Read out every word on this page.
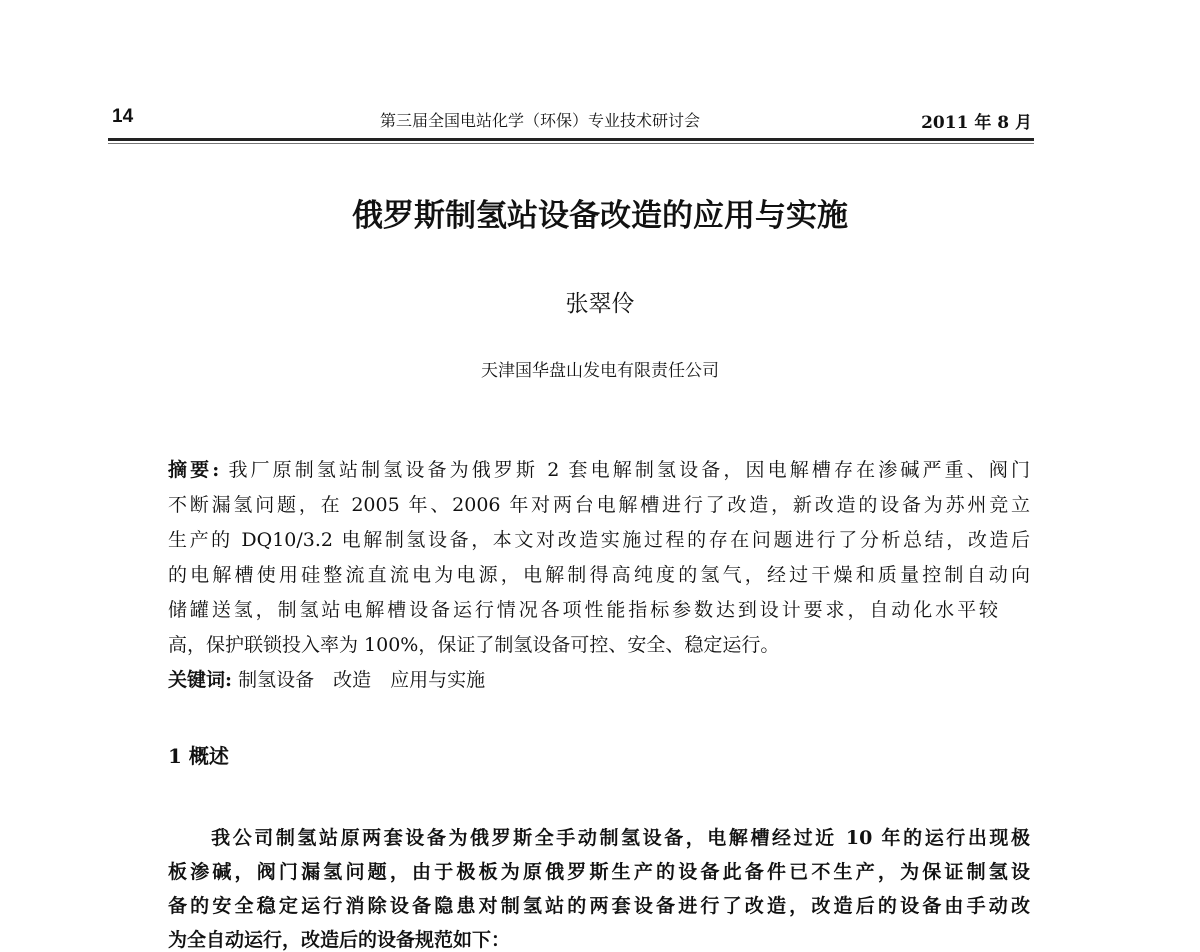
14	第三届全国电站化学（环保）专业技术研讨会	2011 年 8 月
俄罗斯制氢站设备改造的应用与实施
张翠伶
天津国华盘山发电有限责任公司
摘要: 我厂原制氢站制氢设备为俄罗斯 2 套电解制氢设备，因电解槽存在渗碱严重、阀门
不断漏氢问题，在 2005 年、2006 年对两台电解槽进行了改造，新改造的设备为苏州竞立
生产的 DQ10/3.2 电解制氢设备，本文对改造实施过程的存在问题进行了分析总结，改造后
的电解槽使用硅整流直流电为电源，电解制得高纯度的氢气，经过干燥和质量控制自动向
储罐送氢，制氢站电解槽设备运行情况各项性能指标参数达到设计要求，自动化水平较
高，保护联锁投入率为 100%，保证了制氢设备可控、安全、稳定运行。
关键词: 制氢设备　改造　应用与实施
1 概述
　　我公司制氢站原两套设备为俄罗斯全手动制氢设备，电解槽经过近 10 年的运行出现极
板渗碱，阀门漏氢问题，由于极板为原俄罗斯生产的设备此备件已不生产，为保证制氢设
备的安全稳定运行消除设备隐患对制氢站的两套设备进行了改造，改造后的设备由手动改
为全自动运行，改造后的设备规范如下：
